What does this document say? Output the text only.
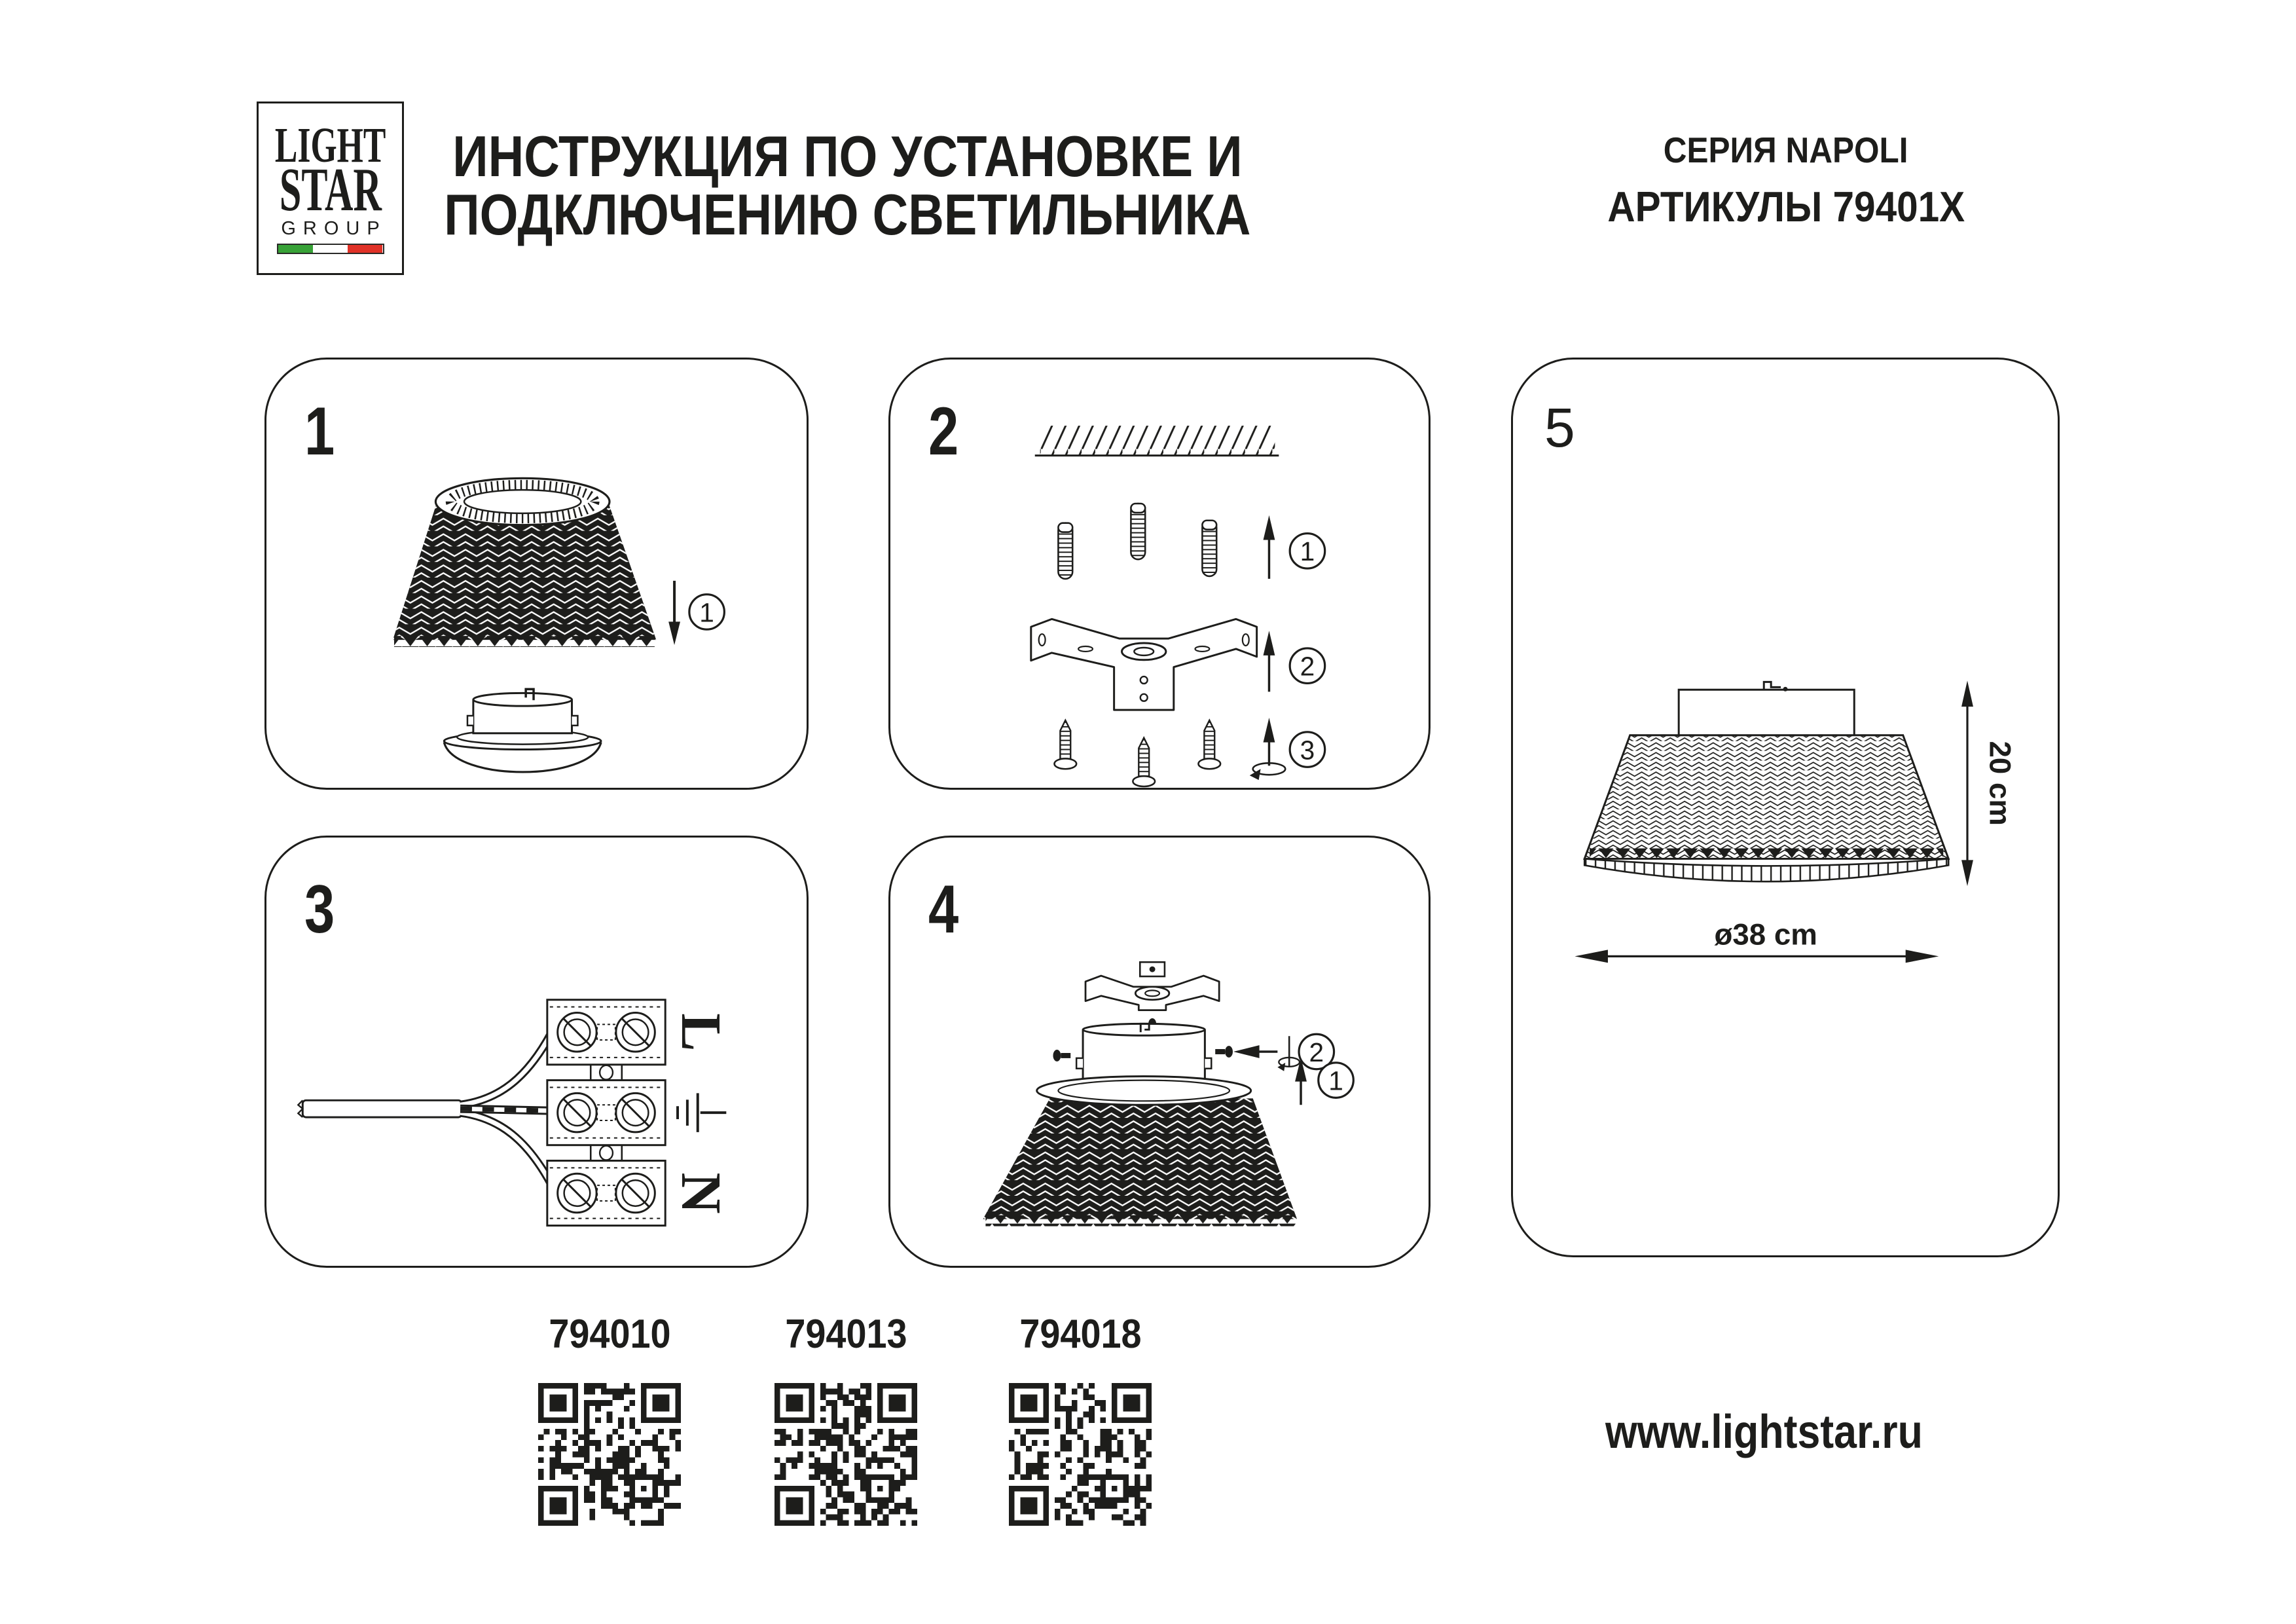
LIGHT
STAR
GROUP
ИНСТРУКЦИЯ ПО УСТАНОВКЕ И ПОДКЛЮЧЕНИЮ СВЕТИЛЬНИКА
СЕРИЯ NAPOLI
АРТИКУЛЫ 79401X
1
1
2
1
2
3
3
L
N
4
2
1
5
20 cm
ø38 cm
794010	794013	794018
www.lightstar.ru
